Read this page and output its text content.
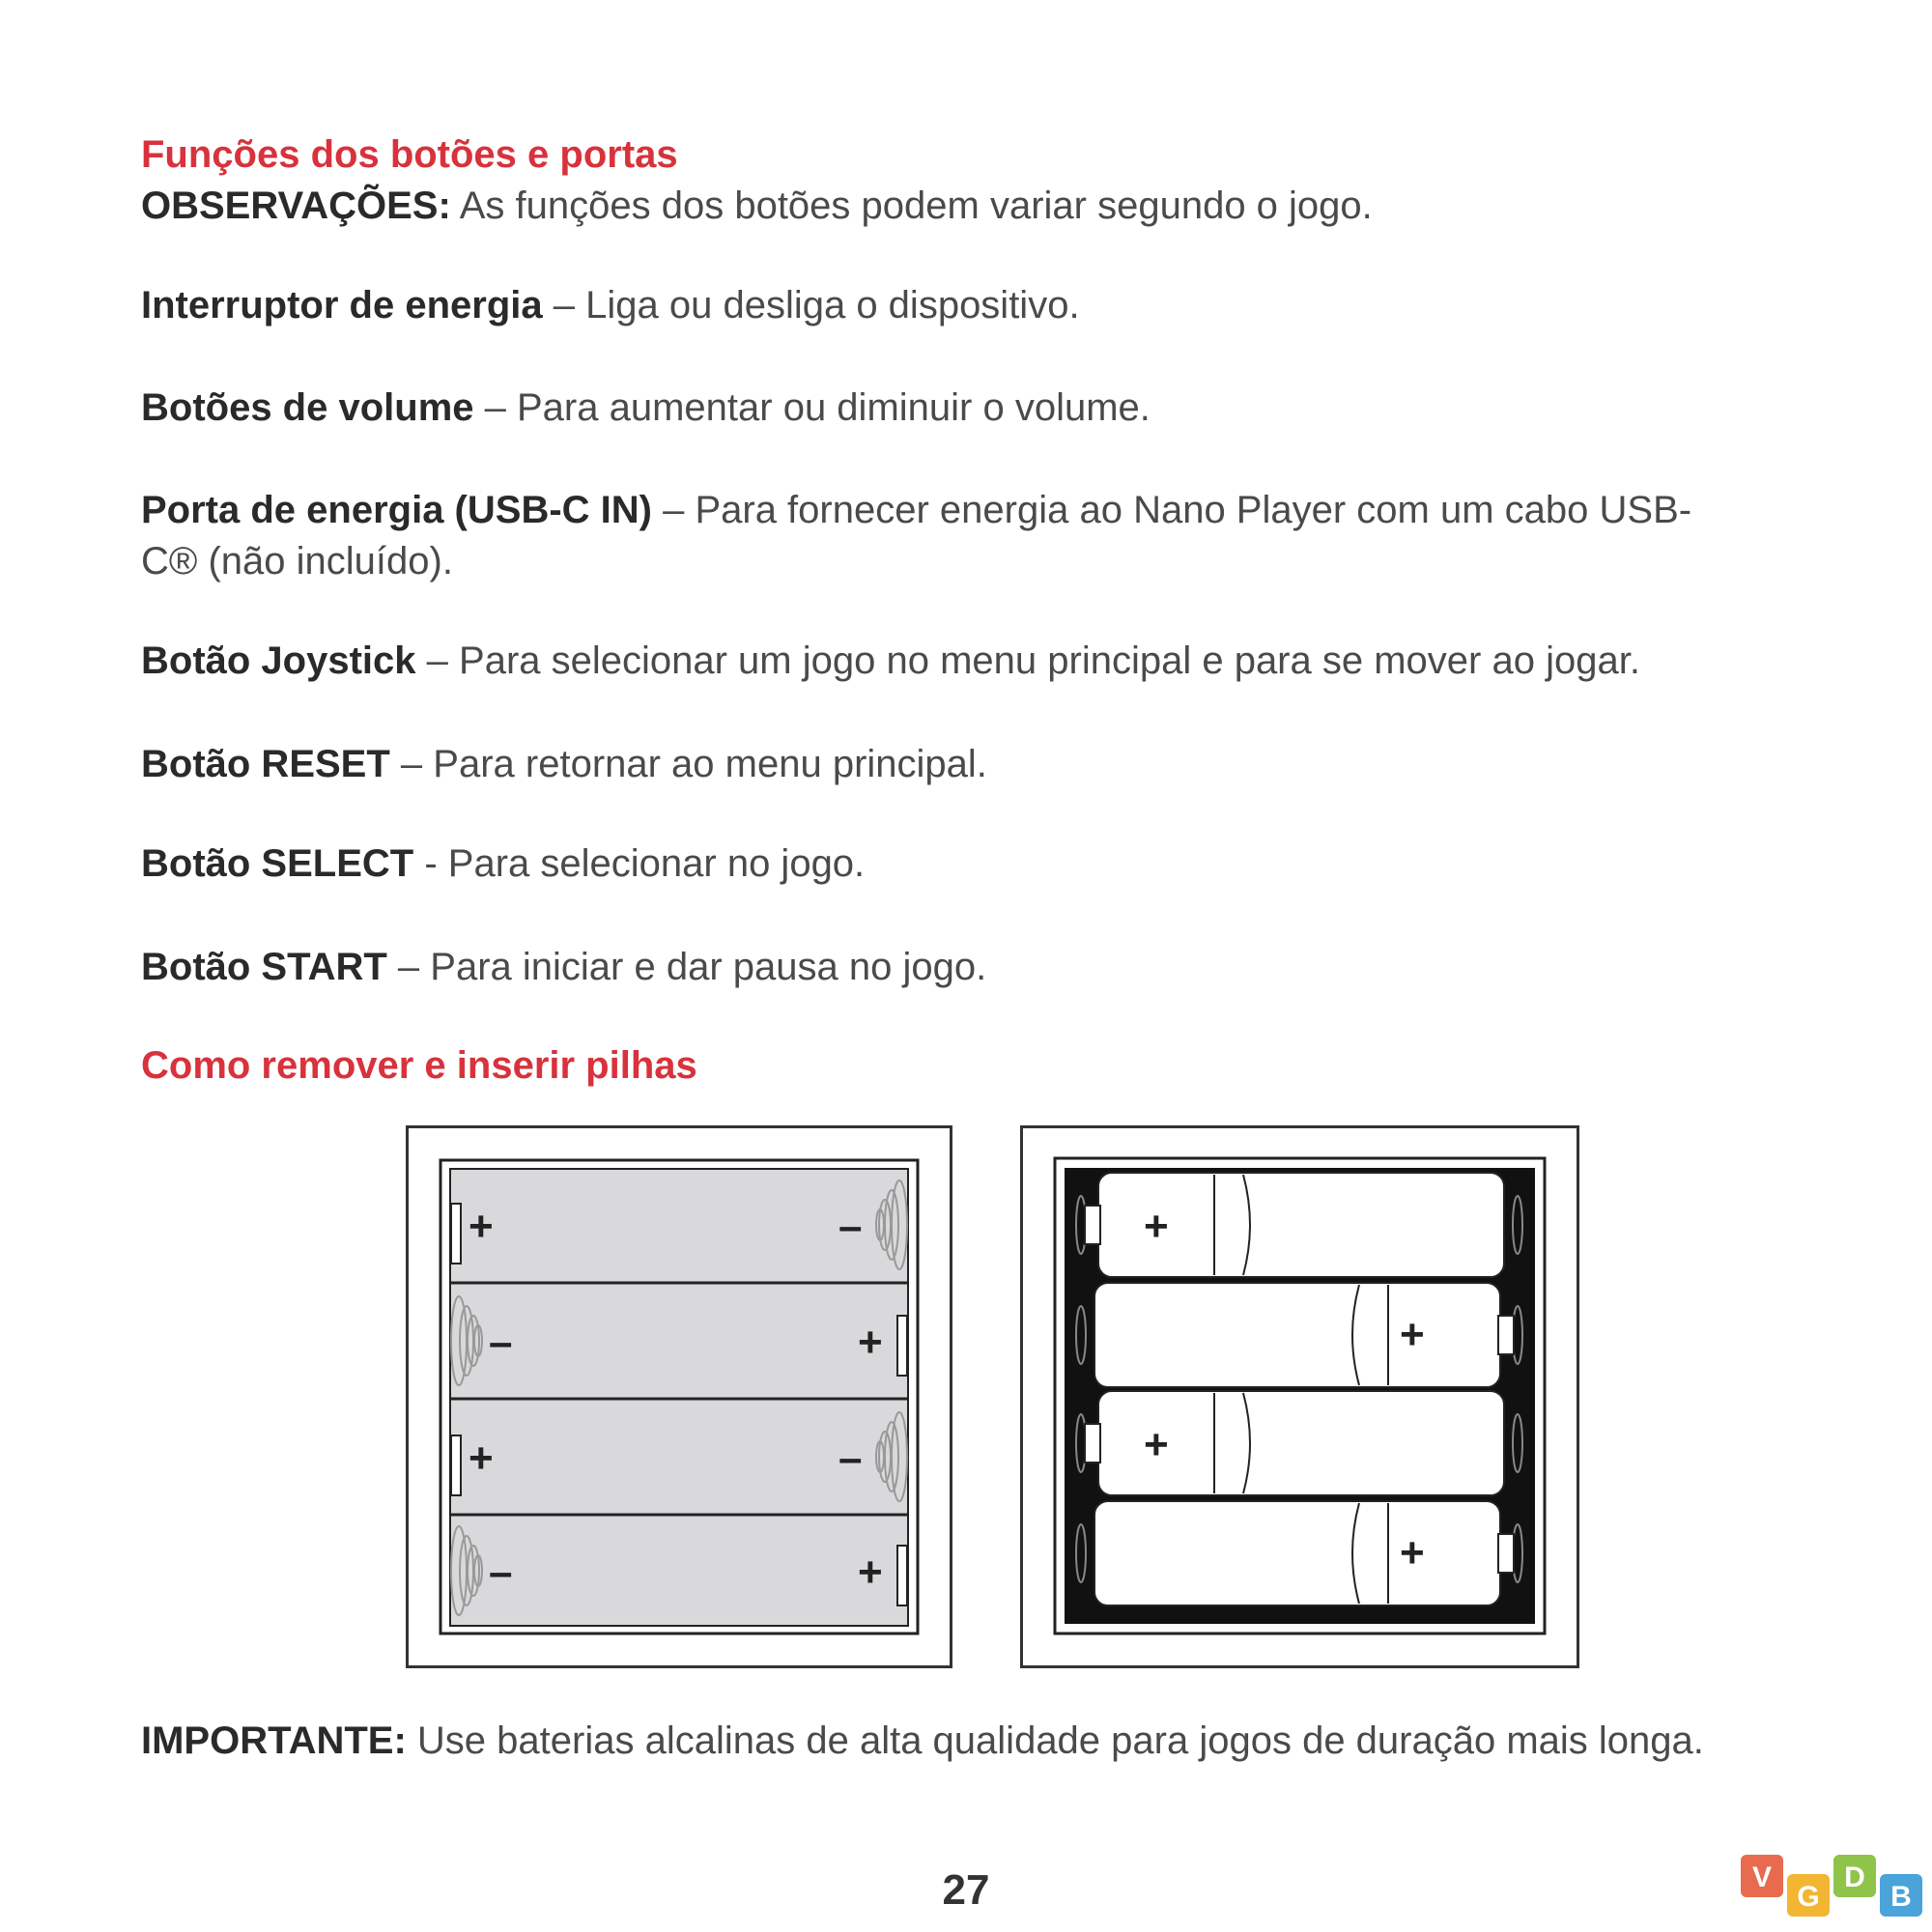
Funções dos botões e portas

OBSERVAÇÕES: As funções dos botões podem variar segundo o jogo.

Interruptor de energia – Liga ou desliga o dispositivo.

Botões de volume – Para aumentar ou diminuir o volume.

Porta de energia (USB-C IN) – Para fornecer energia ao Nano Player com um cabo USB-C® (não incluído).

Botão Joystick – Para selecionar um jogo no menu principal e para se mover ao jogar.

Botão RESET – Para retornar ao menu principal.

Botão SELECT - Para selecionar no jogo.

Botão START – Para iniciar e dar pausa no jogo.

Como remover e inserir pilhas
+	–
–	+
+	–
–	+
+
+
+
+

IMPORTANTE: Use baterias alcalinas de alta qualidade para jogos de duração mais longa.

27	V
G
D
B
